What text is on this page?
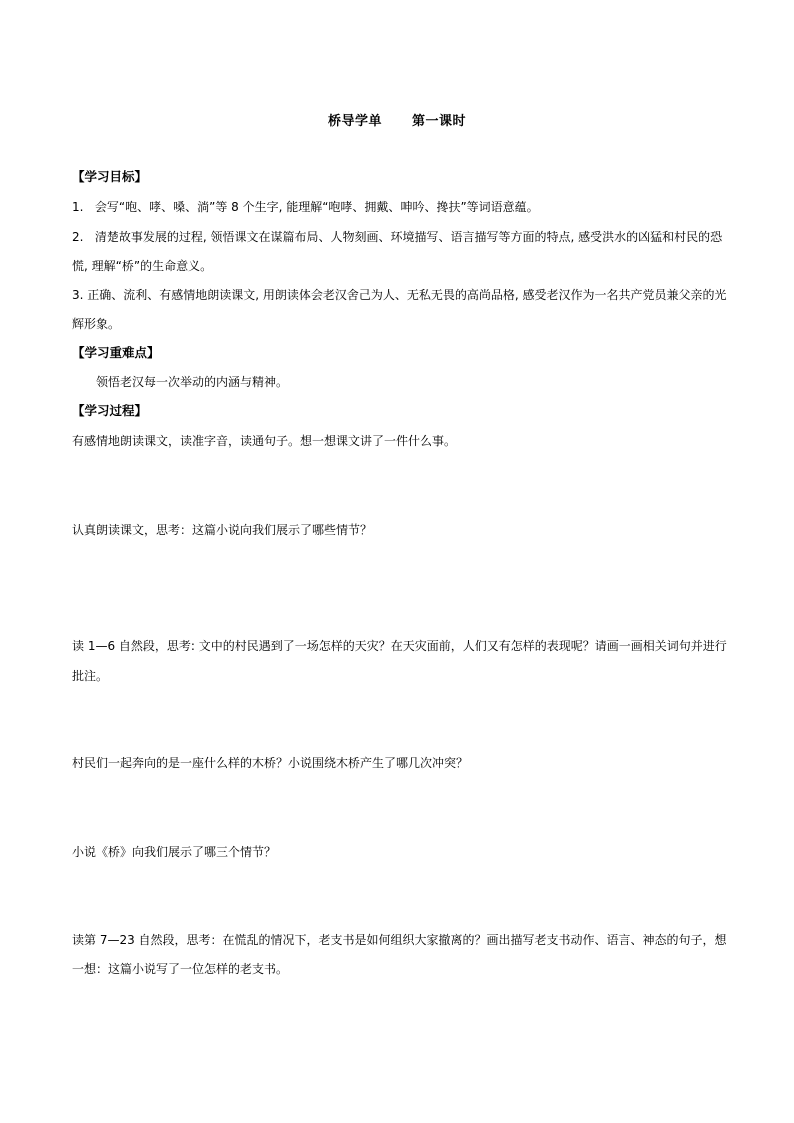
桥导学单 第一课时
【学习目标】
1.   会写“咆、哮、嗓、淌”等 8 个生字, 能理解“咆哮、拥戴、呻吟、搀扶”等词语意蕴。
2.   清楚故事发展的过程, 领悟课文在谋篇布局、人物刻画、环境描写、语言描写等方面的特点, 感受洪水的凶猛和村民的恐
慌, 理解“桥”的生命意义。
3. 正确、流利、有感情地朗读课文, 用朗读体会老汉舍己为人、无私无畏的高尚品格, 感受老汉作为一名共产党员兼父亲的光
辉形象。
【学习重难点】
领悟老汉每一次举动的内涵与精神。
【学习过程】
有感情地朗读课文，读准字音，读通句子。想一想课文讲了一件什么事。
认真朗读课文，思考：这篇小说向我们展示了哪些情节？
读 1—6 自然段，思考: 文中的村民遇到了一场怎样的天灾？在天灾面前，人们又有怎样的表现呢？请画一画相关词句并进行
批注。
村民们一起奔向的是一座什么样的木桥？小说围绕木桥产生了哪几次冲突？
小说《桥》向我们展示了哪三个情节？
读第 7—23 自然段，思考：在慌乱的情况下，老支书是如何组织大家撤离的？画出描写老支书动作、语言、神态的句子，想
一想：这篇小说写了一位怎样的老支书。
